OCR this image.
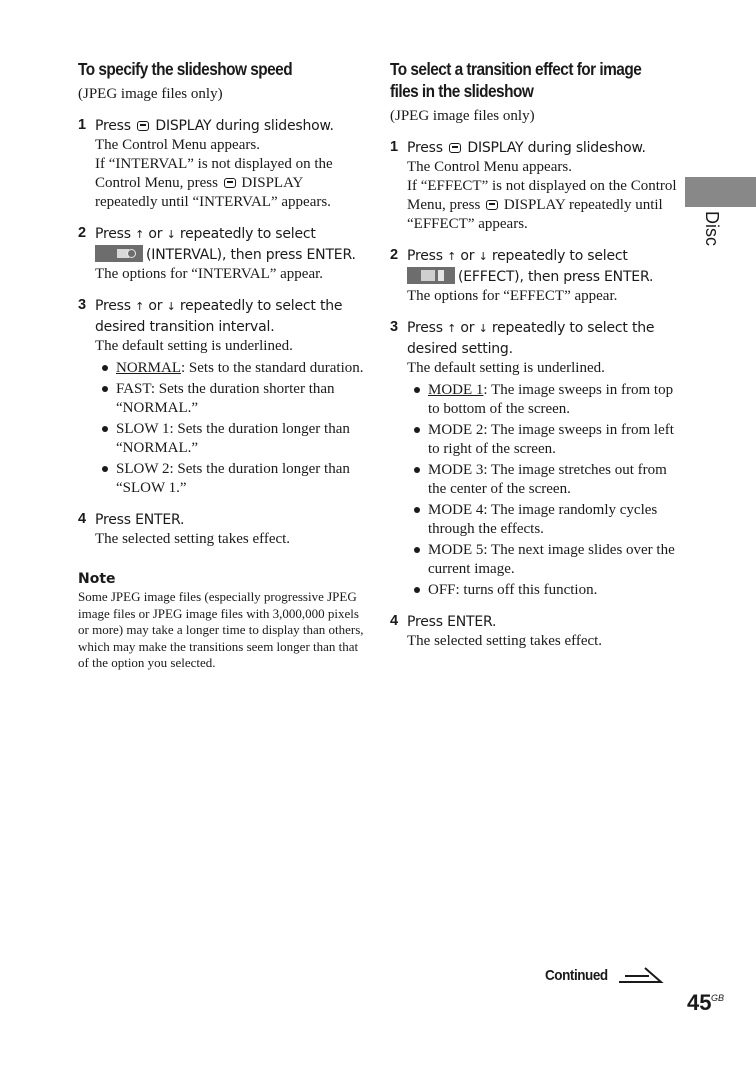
To specify the slideshow speed
(JPEG image files only)
1 Press  DISPLAY during slideshow.
The Control Menu appears.
If “INTERVAL” is not displayed on the Control Menu, press  DISPLAY repeatedly until “INTERVAL” appears.
2 Press ↑ or ↓ repeatedly to select
(INTERVAL), then press ENTER.
The options for “INTERVAL” appear.
3 Press ↑ or ↓ repeatedly to select the desired transition interval.
The default setting is underlined.
NORMAL: Sets to the standard duration.
FAST: Sets the duration shorter than “NORMAL.”
SLOW 1: Sets the duration longer than “NORMAL.”
SLOW 2: Sets the duration longer than “SLOW 1.”
4 Press ENTER.
The selected setting takes effect.
Note
Some JPEG image files (especially progressive JPEG image files or JPEG image files with 3,000,000 pixels or more) may take a longer time to display than others, which may make the transitions seem longer than that of the option you selected.
To select a transition effect for image
files in the slideshow
(JPEG image files only)
1 Press  DISPLAY during slideshow.
The Control Menu appears.
If “EFFECT” is not displayed on the Control Menu, press  DISPLAY repeatedly until “EFFECT” appears.
2 Press ↑ or ↓ repeatedly to select
(EFFECT), then press ENTER.
The options for “EFFECT” appear.
3 Press ↑ or ↓ repeatedly to select the desired setting.
The default setting is underlined.
MODE 1: The image sweeps in from top to bottom of the screen.
MODE 2: The image sweeps in from left to right of the screen.
MODE 3: The image stretches out from the center of the screen.
MODE 4: The image randomly cycles through the effects.
MODE 5: The next image slides over the current image.
OFF: turns off this function.
4 Press ENTER.
The selected setting takes effect.
Disc
Continued
45 GB
